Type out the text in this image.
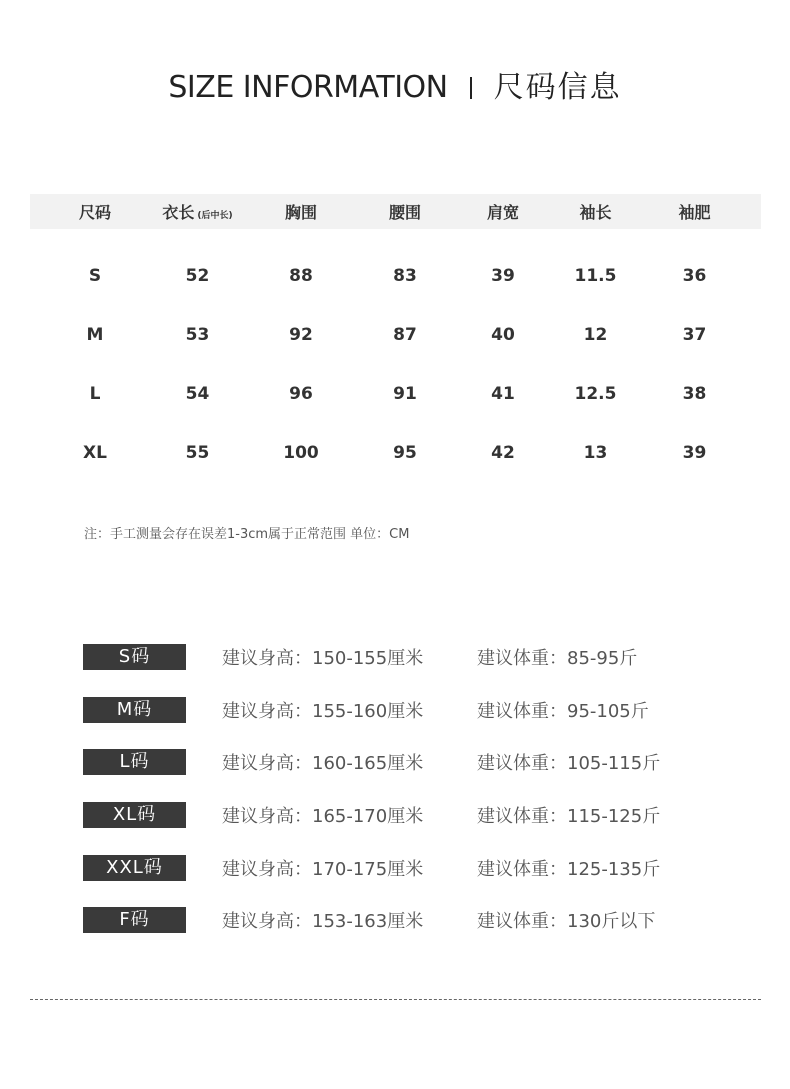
SIZE INFORMATION 尺码信息
尺码	衣长 (后中长)	胸围	腰围	肩宽	袖长	袖肥
S	52	88	83	39	11.5	36
M	53	92	87	40	12	37
L	54	96	91	41	12.5	38
XL	55	100	95	42	13	39
注：手工测量会存在误差1-3cm属于正常范围 单位：CM
S码	建议身高：150-155厘米	建议体重：85-95斤
M码	建议身高：155-160厘米	建议体重：95-105斤
L码	建议身高：160-165厘米	建议体重：105-115斤
XL码	建议身高：165-170厘米	建议体重：115-125斤
XXL码	建议身高：170-175厘米	建议体重：125-135斤
F码	建议身高：153-163厘米	建议体重：130斤以下
